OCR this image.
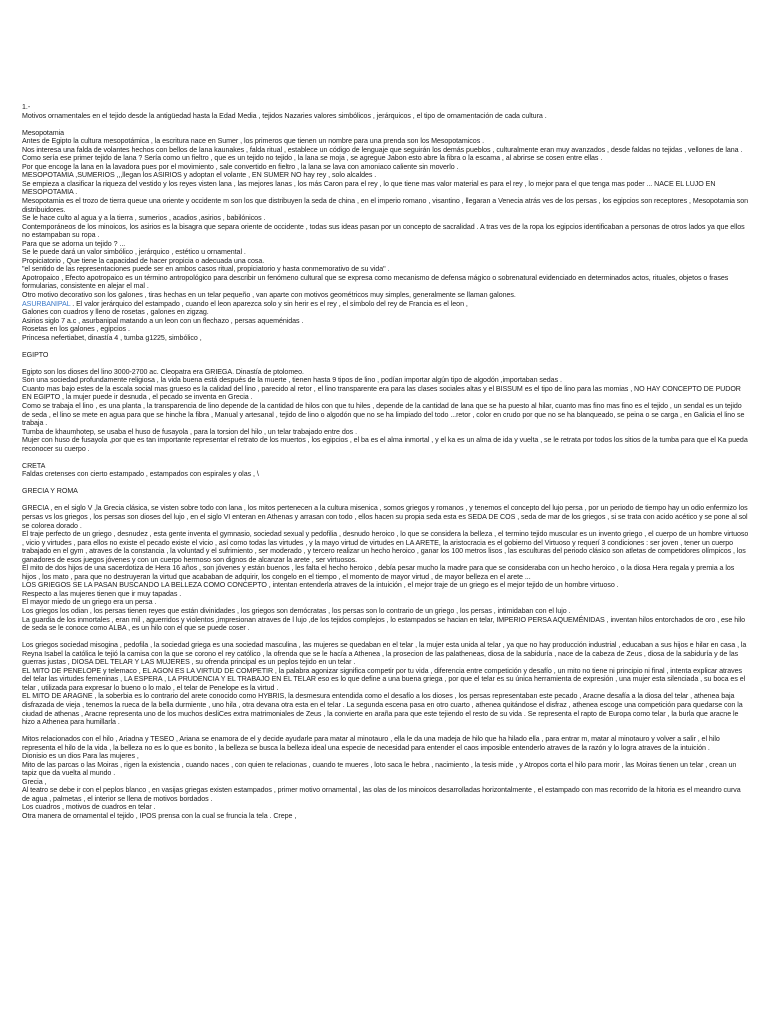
1.-

Motivos ornamentales en el tejido desde la antigüedad hasta la Edad Media , tejidos Nazaries valores simbólicos , jerárquicos , el tipo de ornamentación de cada cultura .

Mesopotamia

Antes de Egipto la cultura mesopotámica , la escritura nace en Sumer , los primeros que tienen un nombre para una prenda son los Mesopotamicos .

Nos interesa una falda de volantes hechos con bellos de lana kaunakes , falda ritual , establece un código de lenguaje que seguirán los demás pueblos , culturalmente eran muy avanzados , desde faldas no tejidas , vellones de lana .

Como sería ese primer tejido de lana ? Sería como un fieltro , que es un tejido no tejido , la lana se moja , se agregue Jabon esto abre la fibra o la escama , al abrirse se cosen entre ellas .

Por que encoge la lana en la lavadora pues por el movimiento , sale convertido en fieltro , la lana se lava con amoniaco caliente sin moverlo .

MESOPOTAMIA ,SUMERIOS ,,,llegan los ASIRIOS y adoptan el volante , EN SUMER NO hay rey , solo alcaldes .

Se empieza a clasificar la riqueza del vestido y los reyes visten lana , las mejores lanas , los más Caron para el rey , lo que tiene mas valor material es para el rey , lo mejor para el que tenga mas poder ... NACE EL LUJO EN MESOPOTAMIA .

Mesopotamia es el trozo de tierra queue una oriente y occidente m son los que distribuyen la seda de china , en el imperio romano , visantino , llegaran a Venecia atrás ves de los persas , los egipcios son receptores , Mesopotamia son distribuidores.

Se le hace culto al agua y a la tierra , sumerios , acadios ,asirios , babilónicos .

Contemporáneos de los minoicos, los asirios es la bisagra que separa oriente de occidente , todas sus ideas pasan por un concepto de sacralidad . A tras ves de la ropa los egipcios identificaban a personas de otros lados ya que ellos no estampaban su ropa .

Para que se adorna un tejido ? ...

Se le puede dará un valor simbólico , jerárquico , estético u ornamental .

Propiciatorio , Que tiene la capacidad de hacer propicia o adecuada una cosa.

"el sentido de las representaciones puede ser en ambos casos ritual, propiciatorio y hasta conmemorativo de su vida" .

Apotropaico , Efecto apotropaico es un término antropológico para describir un fenómeno cultural que se expresa como mecanismo de defensa mágico o sobrenatural evidenciado en determinados actos, rituales, objetos o frases formularias, consistente en alejar el mal .

Otro motivo decorativo son los galones , tiras hechas en un telar pequeño , van aparte con motivos geométricos muy simples, generalmente se llaman galones.

ASURBANIPAL . El valor jerárquico del estampado , cuando el leon aparezca solo y sin herir es el rey , el símbolo del rey de Francia es el leon ,

Galones con cuadros y lleno de rosetas , galones en zigzag.

Asirios siglo 7 a.c , asurbanipal matando a un leon con un flechazo , persas aqueménidas .

Rosetas en los galones , egipcios .

Princesa nefertiabet, dinastía 4 , tumba g1225, simbólico ,

EGIPTO

Egipto son los dioses del lino 3000-2700 ac. Cleopatra era GRIEGA. Dinastía de ptolomeo.

Son una sociedad profundamente religiosa , la vida buena está después de la muerte , tienen hasta 9 tipos de lino , podían importar algún tipo de algodón ,importaban sedas .

Cuanto mas bajo estes de la escala social mas grueso es la calidad del lino , parecido al retor , el lino transparente era para las clases sociales altas y el BISSUM es el tipo de lino para las momias , NO HAY CONCEPTO DE PUDOR EN EGIPTO , la mujer puede ir desnuda , el pecado se inventa en Grecia .

Como se trabaja el lino , es una planta , la transparencia de lino depende de la cantidad de hilos con que tu hiles , depende de la cantidad de lana que se ha puesto al hilar, cuanto mas fino mas fino es el tejido , un sendal es un tejido de seda , el lino se mete en agua para que se hinche la fibra , Manual y artesanal , tejido de lino o algodón que no se ha limpiado del todo ...retor , color en crudo por que no se ha blanqueado, se peina o se carga , en Galicia el lino se trabaja .

Tumba de khaumhotep, se usaba el huso de fusayola , para la torsion del hilo , un telar trabajado entre dos .

Mujer con huso de fusayola ,por que es tan importante representar el retrato de los muertos , los egipcios , el ba es el alma inmortal , y el ka es un alma de ida y vuelta , se le retrata por todos los sitios de la tumba para que el Ka pueda reconocer su cuerpo .

CRETA

Faldas cretenses con cierto estampado , estampados con espirales y olas , \

GRECIA Y ROMA

GRECIA , en el siglo V ,la Grecia clásica, se visten sobre todo con lana , los mitos pertenecen a la cultura misenica , somos griegos y romanos , y tenemos el concepto del lujo persa , por un periodo de tiempo hay un odio enfermizo los persas vs los griegos , los persas son dioses del lujo , en el siglo VI enteran en Athenas y arrasan con todo , ellos hacen su propia seda esta es SEDA DE COS , seda de mar de los griegos , si se trata con acido acético y se pone al sol se colorea dorado .

El traje perfecto de un griego , desnudez , esta gente inventa el gymnasio, sociedad sexual y pedofilia , desnudo heroico , lo que se considera la belleza , el termino tejido muscular es un invento griego , el cuerpo de un hombre virtuoso , vicio y virtudes , para ellos no existe el pecado existe el vicio , así como todas las virtudes , y la mayo virtud de virtudes en LA ARETE, la aristocracia es el gobierno del Virtuoso y requerí 3 condiciones : ser joven , tener un cuerpo trabajado en el gym , atraves de la constancia , la voluntad y el sufrimiento , ser moderado , y tercero realizar un hecho heroico , ganar los 100 metros lisos , las esculturas del periodo clásico son atletas de competidores olímpicos , los ganadores de esos juegos jóvenes y con un cuerpo hermoso son dignos de alcanzar la arete , ser virtuosos.

El mito de dos hijos de una sacerdotiza de Hera 16 años , son jóvenes y están buenos , les falta el hecho heroico , debía pesar mucho la madre para que se consideraba con un hecho heroico , o la diosa Hera regala y premia a los hijos , los mato , para que no destruyeran la virtud que acababan de adquirir, los congelo en el tiempo , el momento de mayor virtud , de mayor belleza en el arete ...

LOS GRIEGOS SE LA PASAN BUSCANDO LA BELLEZA COMO CONCEPTO , intentan entenderla atraves de la intuición , el mejor traje de un griego es el mejor tejido de un hombre virtuoso .

Respecto a las mujeres tienen que ir muy tapadas .

El mayor miedo de un griego era un persa .

Los griegos los odian , los persas tienen reyes que están divinidades , los griegos son demócratas , los persas son lo contrario de un griego , los persas , intimidaban con el lujo .

La guardia de los inmortales , eran mil , aguerridos y violentos ,impresionan atraves de l lujo ,de los tejidos complejos , lo estampados se hacian en telar, IMPERIO PERSA AQUEMÉNIDAS , inventan hilos entorchados de oro , ese hilo de seda se le conoce como ALBA , es un hilo con el que se puede coser .

Los griegos sociedad misogina , pedofila , la sociedad griega es una sociedad masculina , las mujeres se quedaban en el telar , la mujer esta unida al telar , ya que no hay producción industrial , educaban a sus hijos e hilar en casa , la Reyna Isabel la católica le tejió la camisa con la que se corono el rey católico , la ofrenda que se le hacía a Athenea , la prosecion de las palatheneas, diosa de la sabiduría , nace de la cabeza de Zeus , diosa de la sabiduría y de las guerras justas , DIOSA DEL TELAR Y LAS MUJERES , su ofrenda principal es un peplos tejido en un telar .

EL MITO DE PENELOPE y telemaco , EL AGON ES LA VIRTUD DE COMPETIR , la palabra agonizar significa competir por tu vida , diferencia entre competición y desafío , un mito no tiene ni principio ni final , intenta explicar atraves del telar las virtudes femeninas , LA ESPERA , LA PRUDENCIA Y EL TRABAJO EN EL TELAR eso es lo que define a una buena griega , por que el telar es su única herramienta de expresión , una mujer esta silenciada , su boca es el telar , utilizada para expresar lo bueno o lo malo , el telar de Penelope es la virtud .

EL MITO DE ARAGNE , la soberbia es lo contrario del arete conocido como HYBRIS, la desmesura entendida como el desafío a los dioses , los persas representaban este pecado , Aracne desafía a la diosa del telar , athenea baja disfrazada de vieja , tenemos la rueca de la bella durmiente , uno hila , otra devana otra esta en el telar . La segunda escena pasa en otro cuarto , athenea quitándose el disfraz , athenea escoge una competición para quedarse con la ciudad de athenas , Aracne representa uno de los muchos desliCes extra matrimoniales de Zeus , la convierte en araña para que este tejiendo el resto de su vida . Se representa el rapto de Europa como telar , la burla que aracne le hizo a Athenea para humillarla .

Mitos relacionados con el hilo , Ariadna y TESEO , Ariana se enamora de el y decide ayudarle para matar al minotauro , ella le da una madeja de hilo que ha hilado ella , para entrar m, matar al minotauro y volver a salir , el hilo representa el hilo de la vida , la belleza no es lo que es bonito , la belleza se busca la belleza ideal una especie de necesidad para entender el caos imposible entenderlo atraves de la razón y lo logra atraves de la intuición .

Dionisio es un dios Para las mujeres ,

Mito de las parcas o las Moiras , rigen la existencia , cuando naces , con quien te relacionas , cuando te mueres , loto saca le hebra , nacimiento , la tesis mide , y Atropos corta el hilo para morir , las Moiras tienen un telar , crean un tapiz que da vuelta al mundo .

Grecia ,

Al teatro se debe ir con el peplos blanco , en vasijas griegas existen estampados , primer motivo ornamental , las olas de los minoicos desarrolladas horizontalmente , el estampado con mas recorrido de la hitoria es el meandro curva de agua , palmetas , el interior se llena de motivos bordados .

Los cuadros , motivos de cuadros en telar .

Otra manera de ornamental el tejido , IPOS prensa con la cual se fruncia la tela . Crepe ,
